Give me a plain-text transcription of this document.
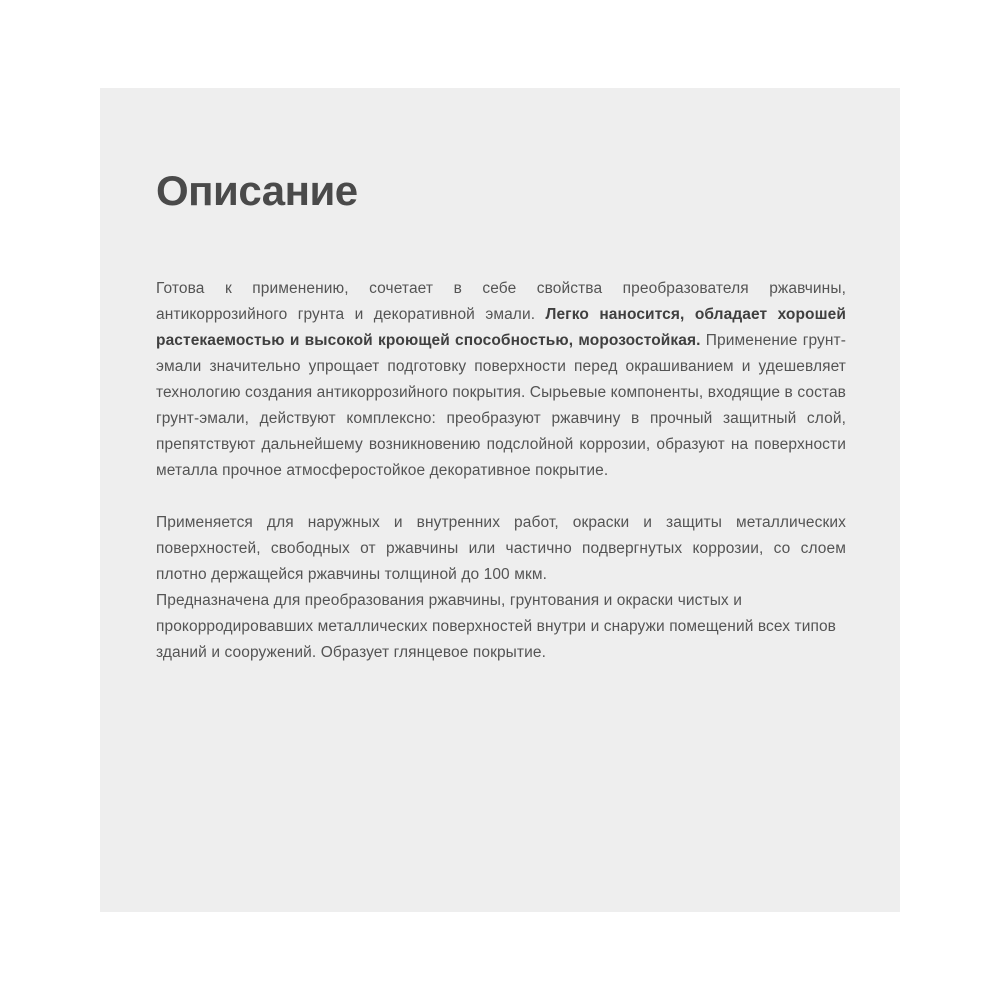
Описание

Готова к применению, сочетает в себе свойства преобразователя ржавчины, антикоррозийного грунта и декоративной эмали. Легко наносится, обладает хорошей растекаемостью и высокой кроющей способностью, морозостойкая. Применение грунт-эмали значительно упрощает подготовку поверхности перед окрашиванием и удешевляет технологию создания антикоррозийного покрытия. Сырьевые компоненты, входящие в состав грунт-эмали, действуют комплексно: преобразуют ржавчину в прочный защитный слой, препятствуют дальнейшему возникновению подслойной коррозии, образуют на поверхности металла прочное атмосферостойкое декоративное покрытие.

Применяется для наружных и внутренних работ, окраски и защиты металлических поверхностей, свободных от ржавчины или частично подвергнутых коррозии, со слоем плотно держащейся ржавчины толщиной до 100 мкм.

Предназначена для преобразования ржавчины, грунтования и окраски чистых и прокорродировавших металлических поверхностей внутри и снаружи помещений всех типов зданий и сооружений. Образует глянцевое покрытие.
